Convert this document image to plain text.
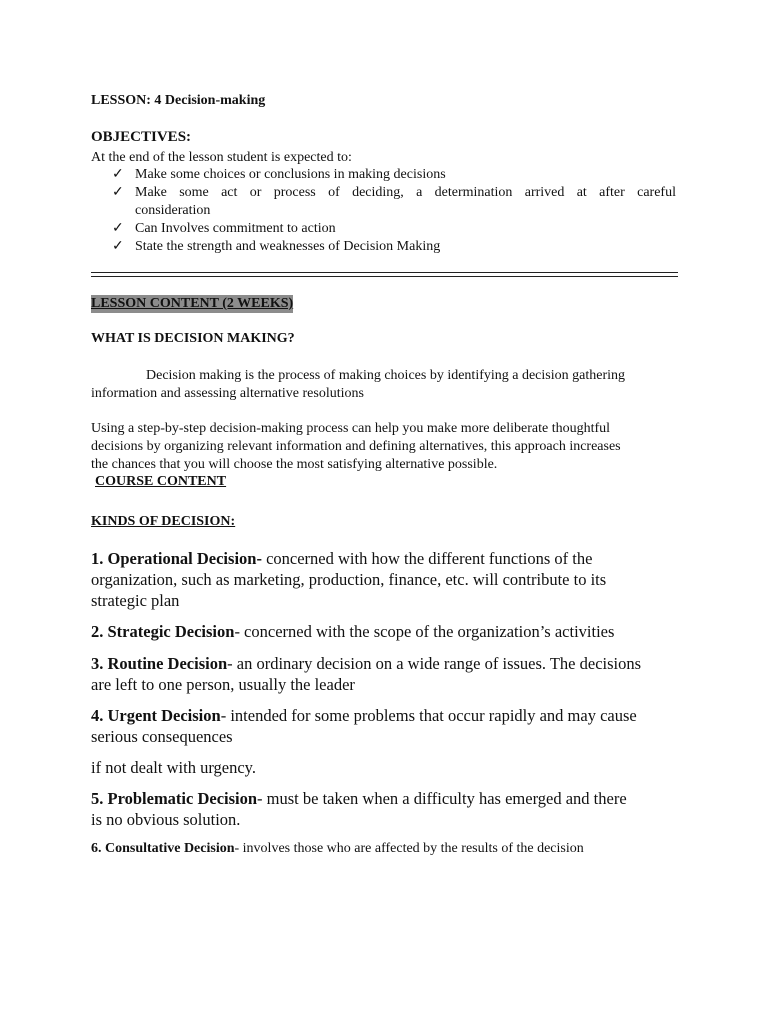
LESSON: 4 Decision-making
OBJECTIVES:
At the end of the lesson student is expected to:
✓ Make some choices or conclusions in making decisions
✓ Make some act or process of deciding, a determination arrived at after careful
consideration
✓ Can Involves commitment to action
✓ State the strength and weaknesses of Decision Making
LESSON CONTENT (2 WEEKS)
WHAT IS DECISION MAKING?
Decision making is the process of making choices by identifying a decision gathering
information and assessing alternative resolutions
Using a step-by-step decision-making process can help you make more deliberate thoughtful
decisions by organizing relevant information and defining alternatives, this approach increases
the chances that you will choose the most satisfying alternative possible.
COURSE CONTENT
KINDS OF DECISION:
1. Operational Decision- concerned with how the different functions of the
organization, such as marketing, production, finance, etc. will contribute to its
strategic plan
2. Strategic Decision- concerned with the scope of the organization’s activities
3. Routine Decision- an ordinary decision on a wide range of issues. The decisions
are left to one person, usually the leader
4. Urgent Decision- intended for some problems that occur rapidly and may cause
serious consequences
if not dealt with urgency.
5. Problematic Decision- must be taken when a difficulty has emerged and there
is no obvious solution.
6. Consultative Decision- involves those who are affected by the results of the decision
